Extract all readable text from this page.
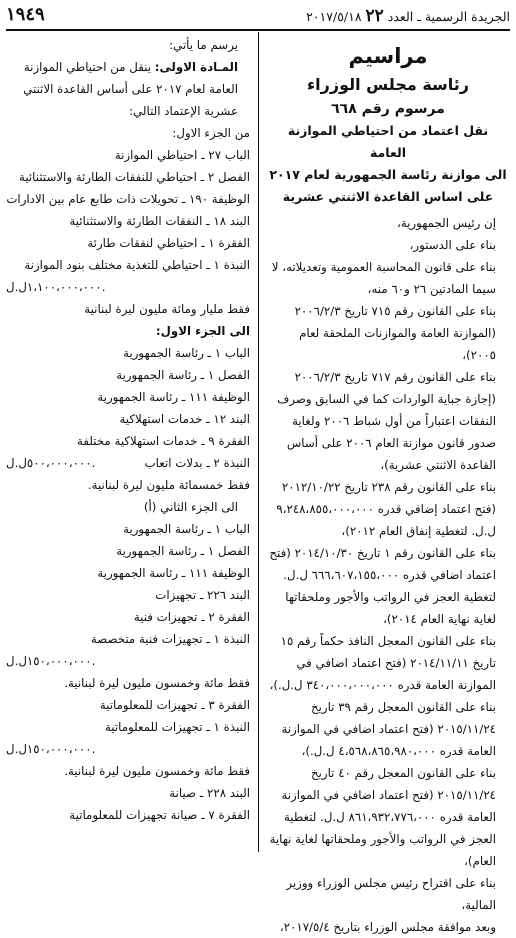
١٩٤٩	الجريدة الرسمية ـ العدد ٢٢ ٢٠١٧/٥/١٨

مراسيم

رئاسة مجلس الوزراء

مرسوم رقم ٦٦٨

نقل اعتماد من احتياطي الموازنة العامة

الى موازنة رئاسة الجمهورية لعام ٢٠١٧

على اساس القاعدة الاثنتي عشرية

إن رئيس الجمهورية،

بناء على الدستور،

بناء على قانون المحاسبة العمومية وتعديلاته، لا سيما المادتين ٢٦ و٦٠ منه،

بناء على القانون رقم ٧١٥ تاريخ ٢٠٠٦/٢/٣ (الموازنة العامة والموازنات الملحقة لعام ٢٠٠٥)،

بناء على القانون رقم ٧١٧ تاريخ ٢٠٠٦/٢/٣ (إجازة جباية الواردات كما في السابق وصرف النفقات اعتباراً من أول شباط ٢٠٠٦ ولغاية صدور قانون موازنة العام ٢٠٠٦ على أساس القاعدة الاثنتي عشرية)،

بناء على القانون رقم ٢٣٨ تاريخ ٢٠١٢/١٠/٢٢ (فتح اعتماد إضافي قدره ٩،٢٤٨،٨٥٥،٠٠٠،٠٠٠ ل.ل. لتغطية إنفاق العام ٢٠١٢)،

بناء على القانون رقم ١ تاريخ ٢٠١٤/١٠/٣٠ (فتح اعتماد اضافي قدره ٦٦٦،٦٠٧،١٥٥،٠٠٠ ل.ل. لتغطية العجز في الرواتب والأجور وملحقاتها لغاية نهاية العام ٢٠١٤)،

بناء على القانون المعجل النافذ حكماً رقم ١٥ تاريخ ٢٠١٤/١١/١١ (فتح اعتماد اضافي في الموازنة العامة قدره ٣٤٠،٠٠٠،٠٠٠،٠٠٠ ل.ل.)،

بناء على القانون المعجل رقم ٣٩ تاريخ ٢٠١٥/١١/٢٤ (فتح اعتماد اضافي في الموازنة العامة قدره ٤،٥٦٨،٨٦٥،٩٨٠،٠٠٠ ل.ل.)،

بناء على القانون المعجل رقم ٤٠ تاريخ ٢٠١٥/١١/٢٤ (فتح اعتماد اضافي في الموازنة العامة قدره ٨٦١،٩٣٢،٧٧٦،٠٠٠ ل.ل. لتغطية العجز في الرواتب والأجور وملحقاتها لغاية نهاية العام)،

بناء على اقتراح رئيس مجلس الوزراء ووزير المالية،

وبعد موافقة مجلس الوزراء بتاريخ ٢٠١٧/٥/٤،

يرسم ما يأتي:

المـادة الاولى: ينقل من احتياطي الموازنة العامة لعام ٢٠١٧ على أساس القاعدة الاثنتي عشرية الإعتماد التالي:

من الجزء الاول:

الباب ٢٧ ـ احتياطي الموازنة

الفصل ٢ ـ احتياطي للنفقات الطارئة والاستثنائية

الوظيفة ١٩٠ ـ تحويلات ذات طابع عام بين الادارات

البند ١٨ ـ النفقات الطارئة والاستثنائية

الفقرة ١ ـ احتياطي لنفقات طارئة

النبذة ١ ـ احتياطي للتغذية مختلف بنود الموازنة

١،١٠٠،٠٠٠،٠٠٠ل.ل.

فقط مليار ومائة مليون ليرة لبنانية

الى الجزء الاول:

الباب ١ ـ رئاسة الجمهورية

الفصل ١ ـ رئاسة الجمهورية

الوظيفة ١١١ ـ رئاسة الجمهورية

البند ١٢ ـ خدمات استهلاكية

الفقرة ٩ ـ خدمات استهلاكية مختلفة

النبذة ٢ ـ بدلات اتعاب

٥٠٠،٠٠٠،٠٠٠ل.ل.

فقط خمسمائة مليون ليرة لبنانية.

الى الجزء الثاني (أ)

الباب ١ ـ رئاسة الجمهورية

الفصل ١ ـ رئاسة الجمهورية

الوظيفة ١١١ ـ رئاسة الجمهورية

البند ٢٢٦ ـ تجهيزات

الفقرة ٢ ـ تجهيزات فنية

النبذة ١ ـ تجهيزات فنية متخصصة

١٥٠،٠٠٠،٠٠٠ل.ل.

فقط مائة وخمسون مليون ليرة لبنانية.

الفقرة ٣ ـ تجهيزات للمعلوماتية

النبذة ١ ـ تجهيزات للمعلوماتية

١٥٠،٠٠٠،٠٠٠ل.ل.

فقط مائة وخمسون مليون ليرة لبنانية.

البند ٢٢٨ ـ صيانة

الفقرة ٧ ـ صيانة تجهيزات للمعلوماتية
